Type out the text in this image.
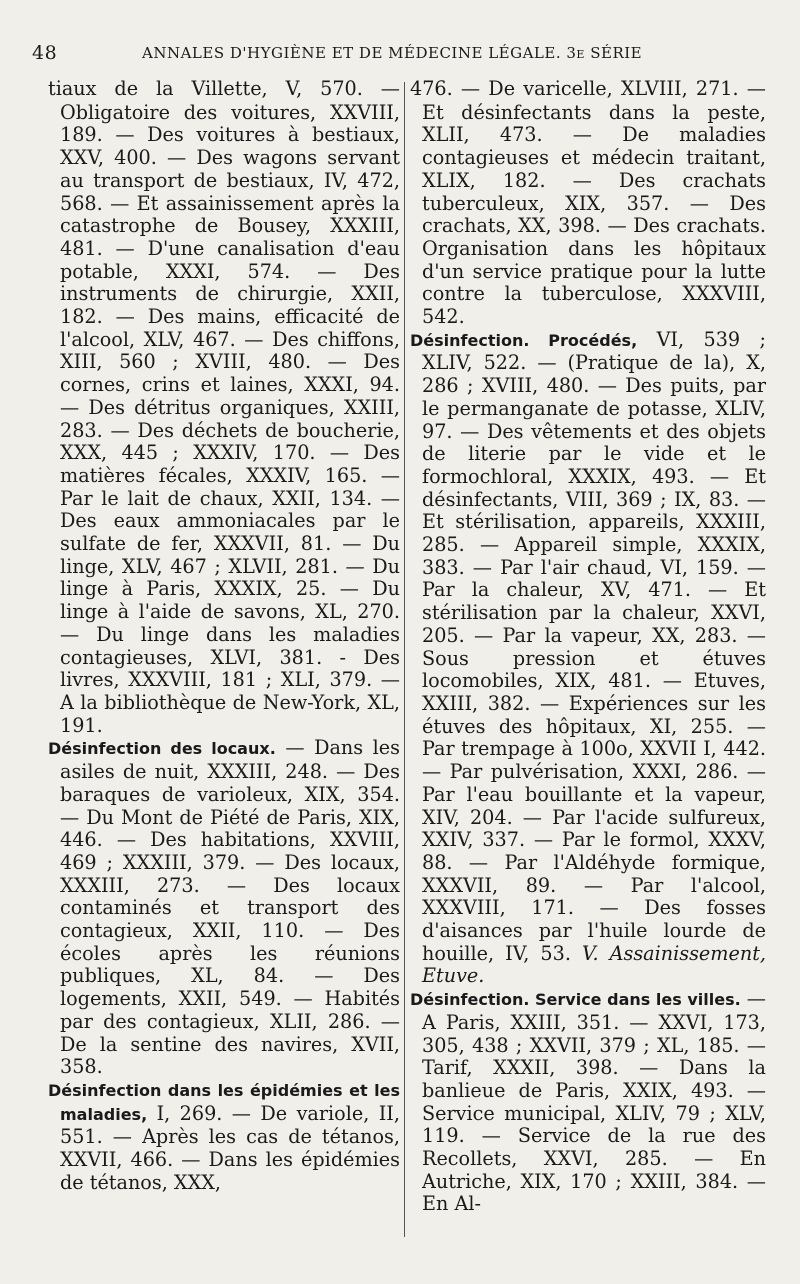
48	ANNALES D'HYGIÈNE ET DE MÉDECINE LÉGALE. 3e SÉRIE

tiaux de la Villette, V, 570. — Obligatoire des voitures, XXVIII, 189. — Des voitures à bestiaux, XXV, 400. — Des wagons servant au transport de bestiaux, IV, 472, 568. — Et assainissement après la catastrophe de Bousey, XXXIII, 481. — D'une canalisation d'eau potable, XXXI, 574. — Des instruments de chirurgie, XXII, 182. — Des mains, efficacité de l'alcool, XLV, 467. — Des chiffons, XIII, 560 ; XVIII, 480. — Des cornes, crins et laines, XXXI, 94. — Des détritus organiques, XXIII, 283. — Des déchets de boucherie, XXX, 445 ; XXXIV, 170. — Des matières fécales, XXXIV, 165. — Par le lait de chaux, XXII, 134. — Des eaux ammoniacales par le sulfate de fer, XXXVII, 81. — Du linge, XLV, 467 ; XLVII, 281. — Du linge à Paris, XXXIX, 25. — Du linge à l'aide de savons, XL, 270. — Du linge dans les maladies contagieuses, XLVI, 381. - Des livres, XXXVIII, 181 ; XLI, 379. — A la bibliothèque de New-York, XL, 191.

Désinfection des locaux. — Dans les asiles de nuit, XXXIII, 248. — Des baraques de varioleux, XIX, 354. — Du Mont de Piété de Paris, XIX, 446. — Des habitations, XXVIII, 469 ; XXXIII, 379. — Des locaux, XXXIII, 273. — Des locaux contaminés et transport des contagieux, XXII, 110. — Des écoles après les réunions publiques, XL, 84. — Des logements, XXII, 549. — Habités par des contagieux, XLII, 286. — De la sentine des navires, XVII, 358.

Désinfection dans les épidémies et les maladies, I, 269. — De variole, II, 551. — Après les cas de tétanos, XXVII, 466. — Dans les épidémies de tétanos, XXX,

476. — De varicelle, XLVIII, 271. — Et désinfectants dans la peste, XLII, 473. — De maladies contagieuses et médecin traitant, XLIX, 182. — Des crachats tuberculeux, XIX, 357. — Des crachats, XX, 398. — Des crachats. Organisation dans les hôpitaux d'un service pratique pour la lutte contre la tuberculose, XXXVIII, 542.

Désinfection. Procédés, VI, 539 ; XLIV, 522. — (Pratique de la), X, 286 ; XVIII, 480. — Des puits, par le permanganate de potasse, XLIV, 97. — Des vêtements et des objets de literie par le vide et le formochloral, XXXIX, 493. — Et désinfectants, VIII, 369 ; IX, 83. — Et stérilisation, appareils, XXXIII, 285. — Appareil simple, XXXIX, 383. — Par l'air chaud, VI, 159. — Par la chaleur, XV, 471. — Et stérilisation par la chaleur, XXVI, 205. — Par la vapeur, XX, 283. — Sous pression et étuves locomobiles, XIX, 481. — Etuves, XXIII, 382. — Expériences sur les étuves des hôpitaux, XI, 255. — Par trempage à 100o, XXVII I, 442. — Par pulvérisation, XXXI, 286. — Par l'eau bouillante et la vapeur, XIV, 204. — Par l'acide sulfureux, XXIV, 337. — Par le formol, XXXV, 88. — Par l'Aldéhyde formique, XXXVII, 89. — Par l'alcool, XXXVIII, 171. — Des fosses d'aisances par l'huile lourde de houille, IV, 53. V. Assainissement, Etuve.

Désinfection. Service dans les villes. — A Paris, XXIII, 351. — XXVI, 173, 305, 438 ; XXVII, 379 ; XL, 185. — Tarif, XXXII, 398. — Dans la banlieue de Paris, XXIX, 493. — Service municipal, XLIV, 79 ; XLV, 119. — Service de la rue des Recollets, XXVI, 285. — En Autriche, XIX, 170 ; XXIII, 384. — En Al-
